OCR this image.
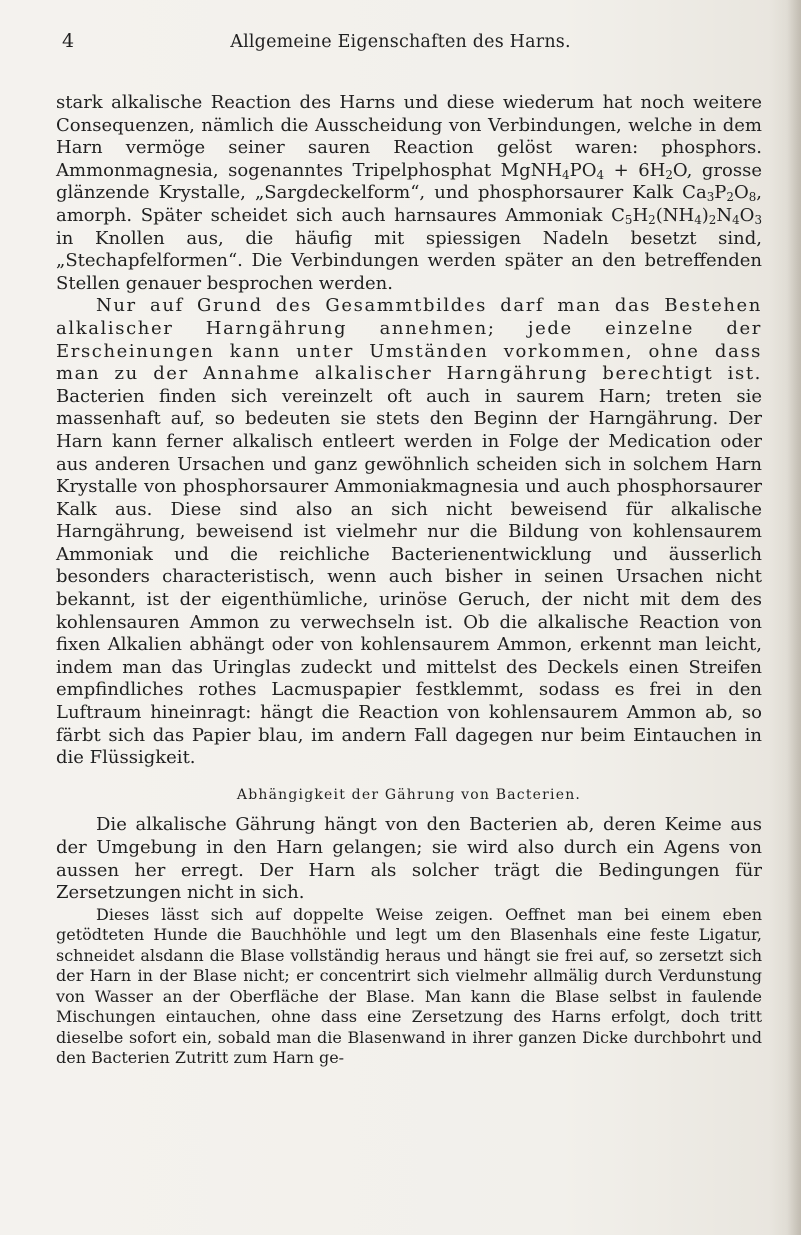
4	Allgemeine Eigenschaften des Harns.

stark alkalische Reaction des Harns und diese wiederum hat noch weitere Consequenzen, nämlich die Ausscheidung von Verbindungen, welche in dem Harn vermöge seiner sauren Reaction gelöst waren: phosphors. Ammonmagnesia, sogenanntes Tripelphosphat $MgNH_4PO_4 + 6H_2O$, grosse glänzende Krystalle, „Sargdeckelform“, und phosphorsaurer Kalk $Ca_3P_2O_8$, amorph. Später scheidet sich auch harnsaures Ammoniak $C_5H_2(NH_4)_2N_4O_3$ in Knollen aus, die häufig mit spiessigen Nadeln besetzt sind, „Stechapfelformen“. Die Verbindungen werden später an den betreffenden Stellen genauer besprochen werden.

Nur auf Grund des Gesammtbildes darf man das Bestehen alkalischer Harngährung annehmen; jede einzelne der Erscheinungen kann unter Umständen vorkommen, ohne dass man zu der Annahme alkalischer Harngährung berechtigt ist. Bacterien finden sich vereinzelt oft auch in saurem Harn; treten sie massenhaft auf, so bedeuten sie stets den Beginn der Harngährung. Der Harn kann ferner alkalisch entleert werden in Folge der Medication oder aus anderen Ursachen und ganz gewöhnlich scheiden sich in solchem Harn Krystalle von phosphorsaurer Ammoniakmagnesia und auch phosphorsaurer Kalk aus. Diese sind also an sich nicht beweisend für alkalische Harngährung, beweisend ist vielmehr nur die Bildung von kohlensaurem Ammoniak und die reichliche Bacterienentwicklung und äusserlich besonders characteristisch, wenn auch bisher in seinen Ursachen nicht bekannt, ist der eigenthümliche, urinöse Geruch, der nicht mit dem des kohlensauren Ammon zu verwechseln ist. Ob die alkalische Reaction von fixen Alkalien abhängt oder von kohlensaurem Ammon, erkennt man leicht, indem man das Uringlas zudeckt und mittelst des Deckels einen Streifen empfindliches rothes Lacmuspapier festklemmt, sodass es frei in den Luftraum hineinragt: hängt die Reaction von kohlensaurem Ammon ab, so färbt sich das Papier blau, im andern Fall dagegen nur beim Eintauchen in die Flüssigkeit.

Abhängigkeit der Gährung von Bacterien.

Die alkalische Gährung hängt von den Bacterien ab, deren Keime aus der Umgebung in den Harn gelangen; sie wird also durch ein Agens von aussen her erregt. Der Harn als solcher trägt die Bedingungen für Zersetzungen nicht in sich.

Dieses lässt sich auf doppelte Weise zeigen. Oeffnet man bei einem eben getödteten Hunde die Bauchhöhle und legt um den Blasenhals eine feste Ligatur, schneidet alsdann die Blase vollständig heraus und hängt sie frei auf, so zersetzt sich der Harn in der Blase nicht; er concentrirt sich vielmehr allmälig durch Verdunstung von Wasser an der Oberfläche der Blase. Man kann die Blase selbst in faulende Mischungen eintauchen, ohne dass eine Zersetzung des Harns erfolgt, doch tritt dieselbe sofort ein, sobald man die Blasenwand in ihrer ganzen Dicke durchbohrt und den Bacterien Zutritt zum Harn ge-
